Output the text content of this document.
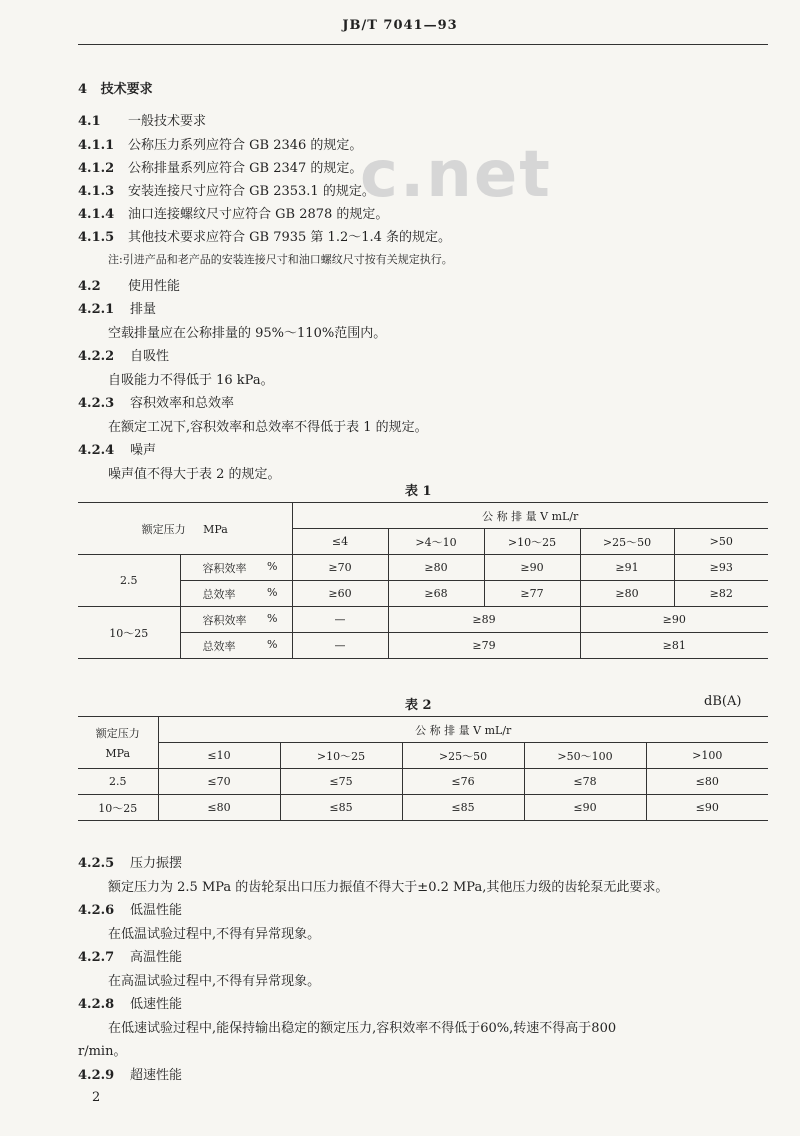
JB/T 7041—93
c.net
4 技术要求
4.1 一般技术要求
4.1.1 公称压力系列应符合 GB 2346 的规定。
4.1.2 公称排量系列应符合 GB 2347 的规定。
4.1.3 安装连接尺寸应符合 GB 2353.1 的规定。
4.1.4 油口连接螺纹尺寸应符合 GB 2878 的规定。
4.1.5 其他技术要求应符合 GB 7935 第 1.2～1.4 条的规定。
注:引进产品和老产品的安装连接尺寸和油口螺纹尺寸按有关规定执行。
4.2 使用性能
4.2.1 排量
空载排量应在公称排量的 95%～110%范围内。
4.2.2 自吸性
自吸能力不得低于 16 kPa。
4.2.3 容积效率和总效率
在额定工况下,容积效率和总效率不得低于表 1 的规定。
4.2.4 噪声
噪声值不得大于表 2 的规定。
表 1
额定压力 MPa		公 称 排 量 V mL/r				
		≤4	>4～10	>10～25	>25～50	>50
2.5	容积效率 %	≥70	≥80	≥90	≥91	≥93

	总效率 %	≥60	≥68	≥77	≥80	≥82
10～25	容积效率 %	—	≥89		≥90	

	总效率 %	—	≥79		≥81	
表 2	dB(A)
额定压力
MPa	公 称 排 量 V mL/r				
	≤10	>10～25	>25～50	>50～100	>100
2.5	≤70	≤75	≤76	≤78	≤80
10～25	≤80	≤85	≤85	≤90	≤90
4.2.5 压力振摆
额定压力为 2.5 MPa 的齿轮泵出口压力振值不得大于±0.2 MPa,其他压力级的齿轮泵无此要求。
4.2.6 低温性能
在低温试验过程中,不得有异常现象。
4.2.7 高温性能
在高温试验过程中,不得有异常现象。
4.2.8 低速性能
在低速试验过程中,能保持输出稳定的额定压力,容积效率不得低于60%,转速不得高于800
r/min。
4.2.9 超速性能
2
